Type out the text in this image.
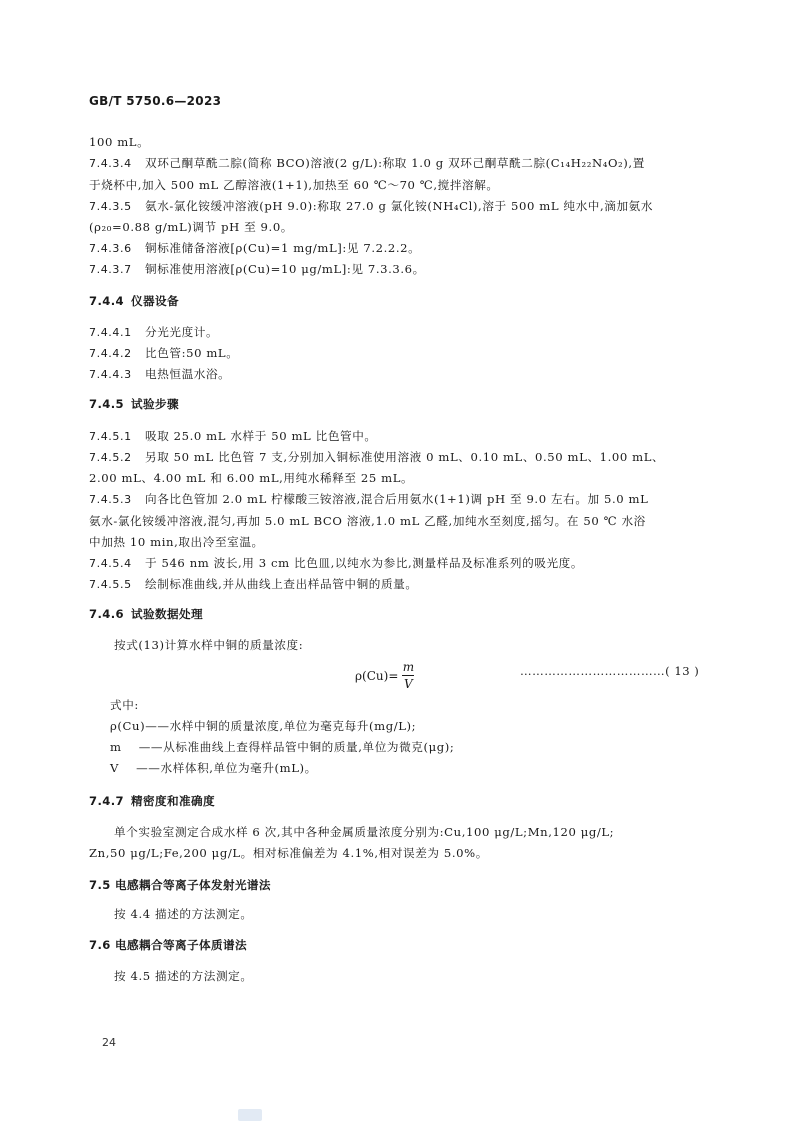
GB/T 5750.6—2023
100 mL。
7.4.3.4 双环己酮草酰二腙(简称 BCO)溶液(2 g/L):称取 1.0 g 双环己酮草酰二腙(C₁₄H₂₂N₄O₂),置
于烧杯中,加入 500 mL 乙醇溶液(1+1),加热至 60 ℃～70 ℃,搅拌溶解。
7.4.3.5 氨水-氯化铵缓冲溶液(pH 9.0):称取 27.0 g 氯化铵(NH₄Cl),溶于 500 mL 纯水中,滴加氨水
(ρ₂₀=0.88 g/mL)调节 pH 至 9.0。
7.4.3.6 铜标准储备溶液[ρ(Cu)=1 mg/mL]:见 7.2.2.2。
7.4.3.7 铜标准使用溶液[ρ(Cu)=10 μg/mL]:见 7.3.3.6。
7.4.4 仪器设备
7.4.4.1 分光光度计。
7.4.4.2 比色管:50 mL。
7.4.4.3 电热恒温水浴。
7.4.5 试验步骤
7.4.5.1 吸取 25.0 mL 水样于 50 mL 比色管中。
7.4.5.2 另取 50 mL 比色管 7 支,分别加入铜标准使用溶液 0 mL、0.10 mL、0.50 mL、1.00 mL、
2.00 mL、4.00 mL 和 6.00 mL,用纯水稀释至 25 mL。
7.4.5.3 向各比色管加 2.0 mL 柠檬酸三铵溶液,混合后用氨水(1+1)调 pH 至 9.0 左右。加 5.0 mL
氨水-氯化铵缓冲溶液,混匀,再加 5.0 mL BCO 溶液,1.0 mL 乙醛,加纯水至刻度,摇匀。在 50 ℃ 水浴
中加热 10 min,取出冷至室温。
7.4.5.4 于 546 nm 波长,用 3 cm 比色皿,以纯水为参比,测量样品及标准系列的吸光度。
7.4.5.5 绘制标准曲线,并从曲线上查出样品管中铜的质量。
7.4.6 试验数据处理
按式(13)计算水样中铜的质量浓度:
$\rho(Cu)= \frac{m}{V}$	………………………………( 13 )
式中:
ρ(Cu)——水样中铜的质量浓度,单位为毫克每升(mg/L);
m    ——从标准曲线上查得样品管中铜的质量,单位为微克(μg);
V    ——水样体积,单位为毫升(mL)。
7.4.7 精密度和准确度
单个实验室测定合成水样 6 次,其中各种金属质量浓度分别为:Cu,100 μg/L;Mn,120 μg/L;
Zn,50 μg/L;Fe,200 μg/L。相对标准偏差为 4.1%,相对误差为 5.0%。
7.5 电感耦合等离子体发射光谱法
按 4.4 描述的方法测定。
7.6 电感耦合等离子体质谱法
按 4.5 描述的方法测定。
24
